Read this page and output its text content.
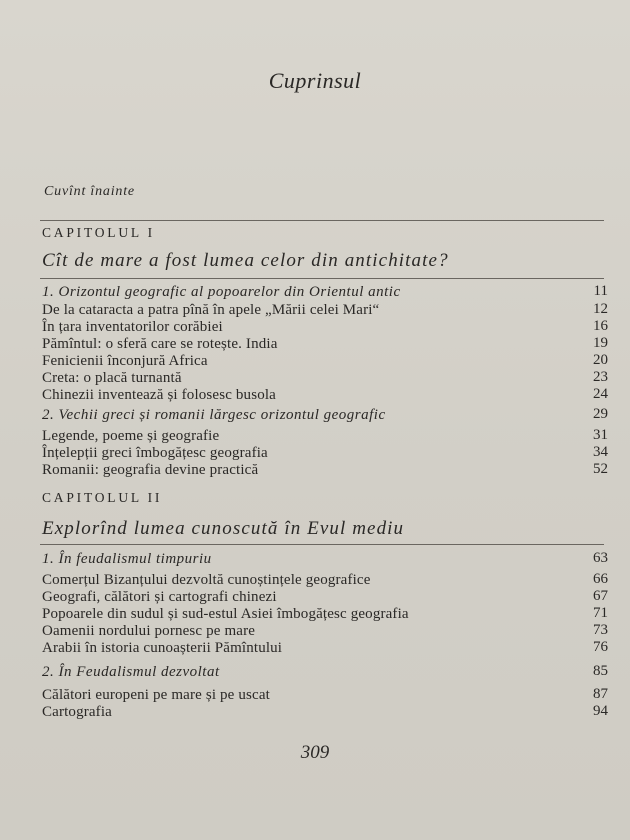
Cuprinsul
Cuvînt înainte
CAPITOLUL I
Cît de mare a fost lumea celor din antichitate?
1. Orizontul geografic al popoarelor din Orientul antic	11
De la cataracta a patra pînă în apele „Mării celei Mari“	12
În țara inventatorilor corăbiei	16
Pămîntul: o sferă care se rotește. India	19
Fenicienii înconjură Africa	20
Creta: o placă turnantă	23
Chinezii inventează și folosesc busola	24
2. Vechii greci și romanii lărgesc orizontul geografic	29
Legende, poeme și geografie	31
Înțelepții greci îmbogățesc geografia	34
Romanii: geografia devine practică	52
CAPITOLUL II
Explorînd lumea cunoscută în Evul mediu
1. În feudalismul timpuriu	63
Comerțul Bizanțului dezvoltă cunoștințele geografice	66
Geografi, călători și cartografi chinezi	67
Popoarele din sudul și sud-estul Asiei îmbogățesc geografia	71
Oamenii nordului pornesc pe mare	73
Arabii în istoria cunoașterii Pămîntului	76
2. În Feudalismul dezvoltat	85
Călători europeni pe mare și pe uscat	87
Cartografia	94
309
